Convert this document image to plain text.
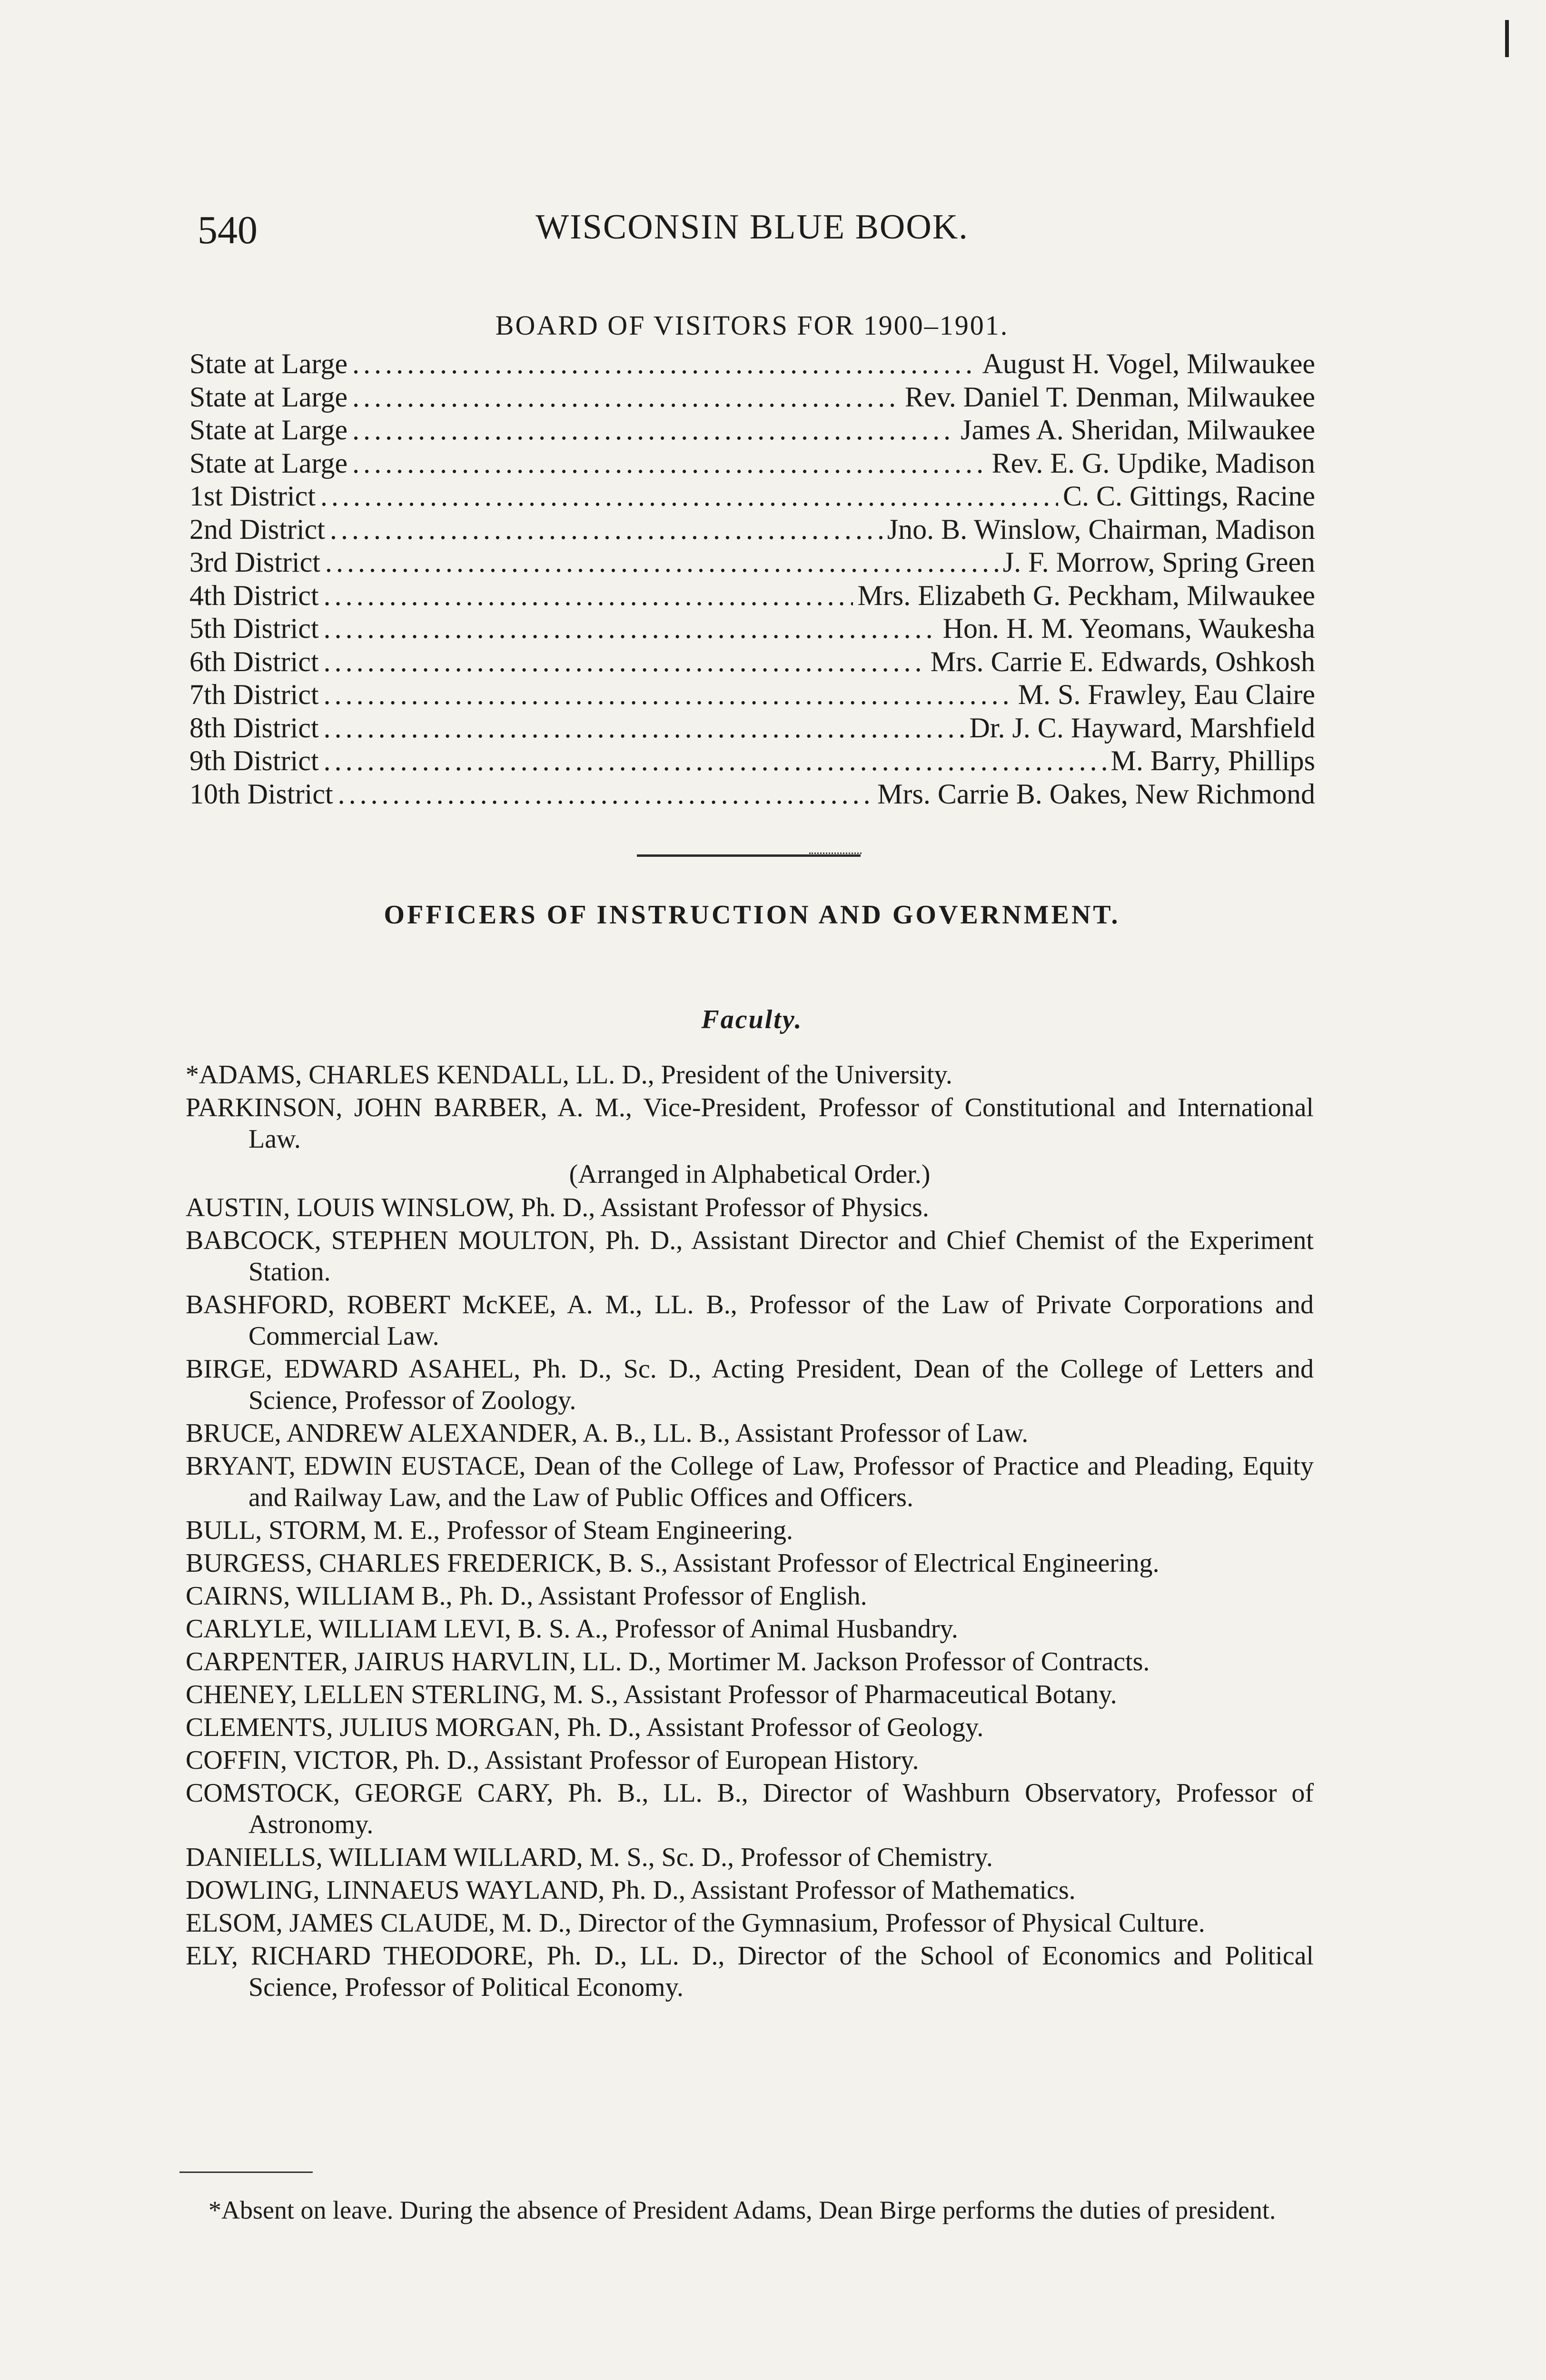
540	WISCONSIN BLUE BOOK.
BOARD OF VISITORS FOR 1900–1901.
State at Large .....	August H. Vogel, Milwaukee
State at Large .....	Rev. Daniel T. Denman, Milwaukee
State at Large .....	James A. Sheridan, Milwaukee
State at Large .....	Rev. E. G. Updike, Madison
1st District .....	C. C. Gittings, Racine
2nd District .....	Jno. B. Winslow, Chairman, Madison
3rd District .....	J. F. Morrow, Spring Green
4th District .....	Mrs. Elizabeth G. Peckham, Milwaukee
5th District .....	Hon. H. M. Yeomans, Waukesha
6th District .....	Mrs. Carrie E. Edwards, Oshkosh
7th District .....	M. S. Frawley, Eau Claire
8th District .....	Dr. J. C. Hayward, Marshfield
9th District .....	M. Barry, Phillips
10th District .....	Mrs. Carrie B. Oakes, New Richmond
OFFICERS OF INSTRUCTION AND GOVERNMENT.
Faculty.
*ADAMS, CHARLES KENDALL, LL. D., President of the University.
PARKINSON, JOHN BARBER, A. M., Vice-President, Professor of Constitutional and International Law.
(Arranged in Alphabetical Order.)
AUSTIN, LOUIS WINSLOW, Ph. D., Assistant Professor of Physics.
BABCOCK, STEPHEN MOULTON, Ph. D., Assistant Director and Chief Chemist of the Experiment Station.
BASHFORD, ROBERT McKEE, A. M., LL. B., Professor of the Law of Private Corporations and Commercial Law.
BIRGE, EDWARD ASAHEL, Ph. D., Sc. D., Acting President, Dean of the College of Letters and Science, Professor of Zoology.
BRUCE, ANDREW ALEXANDER, A. B., LL. B., Assistant Professor of Law.
BRYANT, EDWIN EUSTACE, Dean of the College of Law, Professor of Practice and Pleading, Equity and Railway Law, and the Law of Public Offices and Officers.
BULL, STORM, M. E., Professor of Steam Engineering.
BURGESS, CHARLES FREDERICK, B. S., Assistant Professor of Electrical Engineering.
CAIRNS, WILLIAM B., Ph. D., Assistant Professor of English.
CARLYLE, WILLIAM LEVI, B. S. A., Professor of Animal Husbandry.
CARPENTER, JAIRUS HARVLIN, LL. D., Mortimer M. Jackson Professor of Contracts.
CHENEY, LELLEN STERLING, M. S., Assistant Professor of Pharmaceutical Botany.
CLEMENTS, JULIUS MORGAN, Ph. D., Assistant Professor of Geology.
COFFIN, VICTOR, Ph. D., Assistant Professor of European History.
COMSTOCK, GEORGE CARY, Ph. B., LL. B., Director of Washburn Observatory, Professor of Astronomy.
DANIELLS, WILLIAM WILLARD, M. S., Sc. D., Professor of Chemistry.
DOWLING, LINNAEUS WAYLAND, Ph. D., Assistant Professor of Mathematics.
ELSOM, JAMES CLAUDE, M. D., Director of the Gymnasium, Professor of Physical Culture.
ELY, RICHARD THEODORE, Ph. D., LL. D., Director of the School of Economics and Political Science, Professor of Political Economy.
*Absent on leave. During the absence of President Adams, Dean Birge performs the duties of president.
